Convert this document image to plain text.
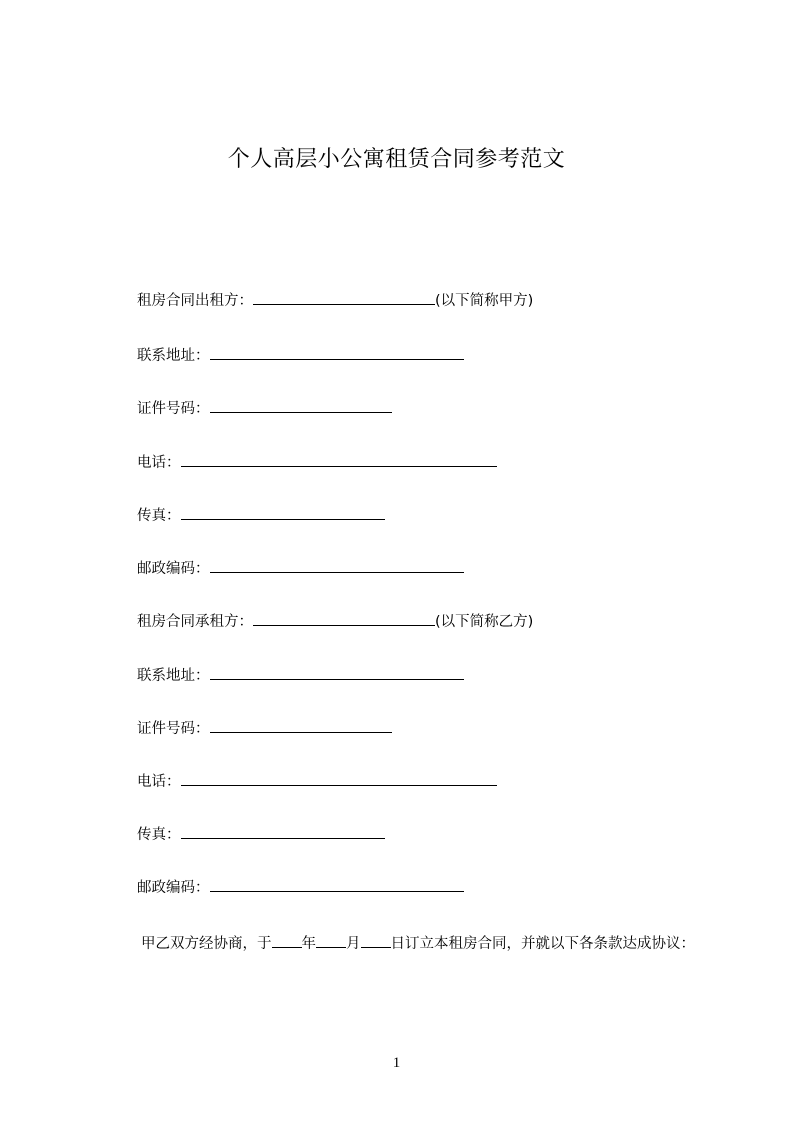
个人高层小公寓租赁合同参考范文
租房合同出租方：	(以下简称甲方)
联系地址：
证件号码：
电话：
传真：
邮政编码：
租房合同承租方：	(以下简称乙方)
联系地址：
证件号码：
电话：
传真：
邮政编码：
甲乙双方经协商，于 年 月 日订立本租房合同，并就以下各条款达成协议：
1
